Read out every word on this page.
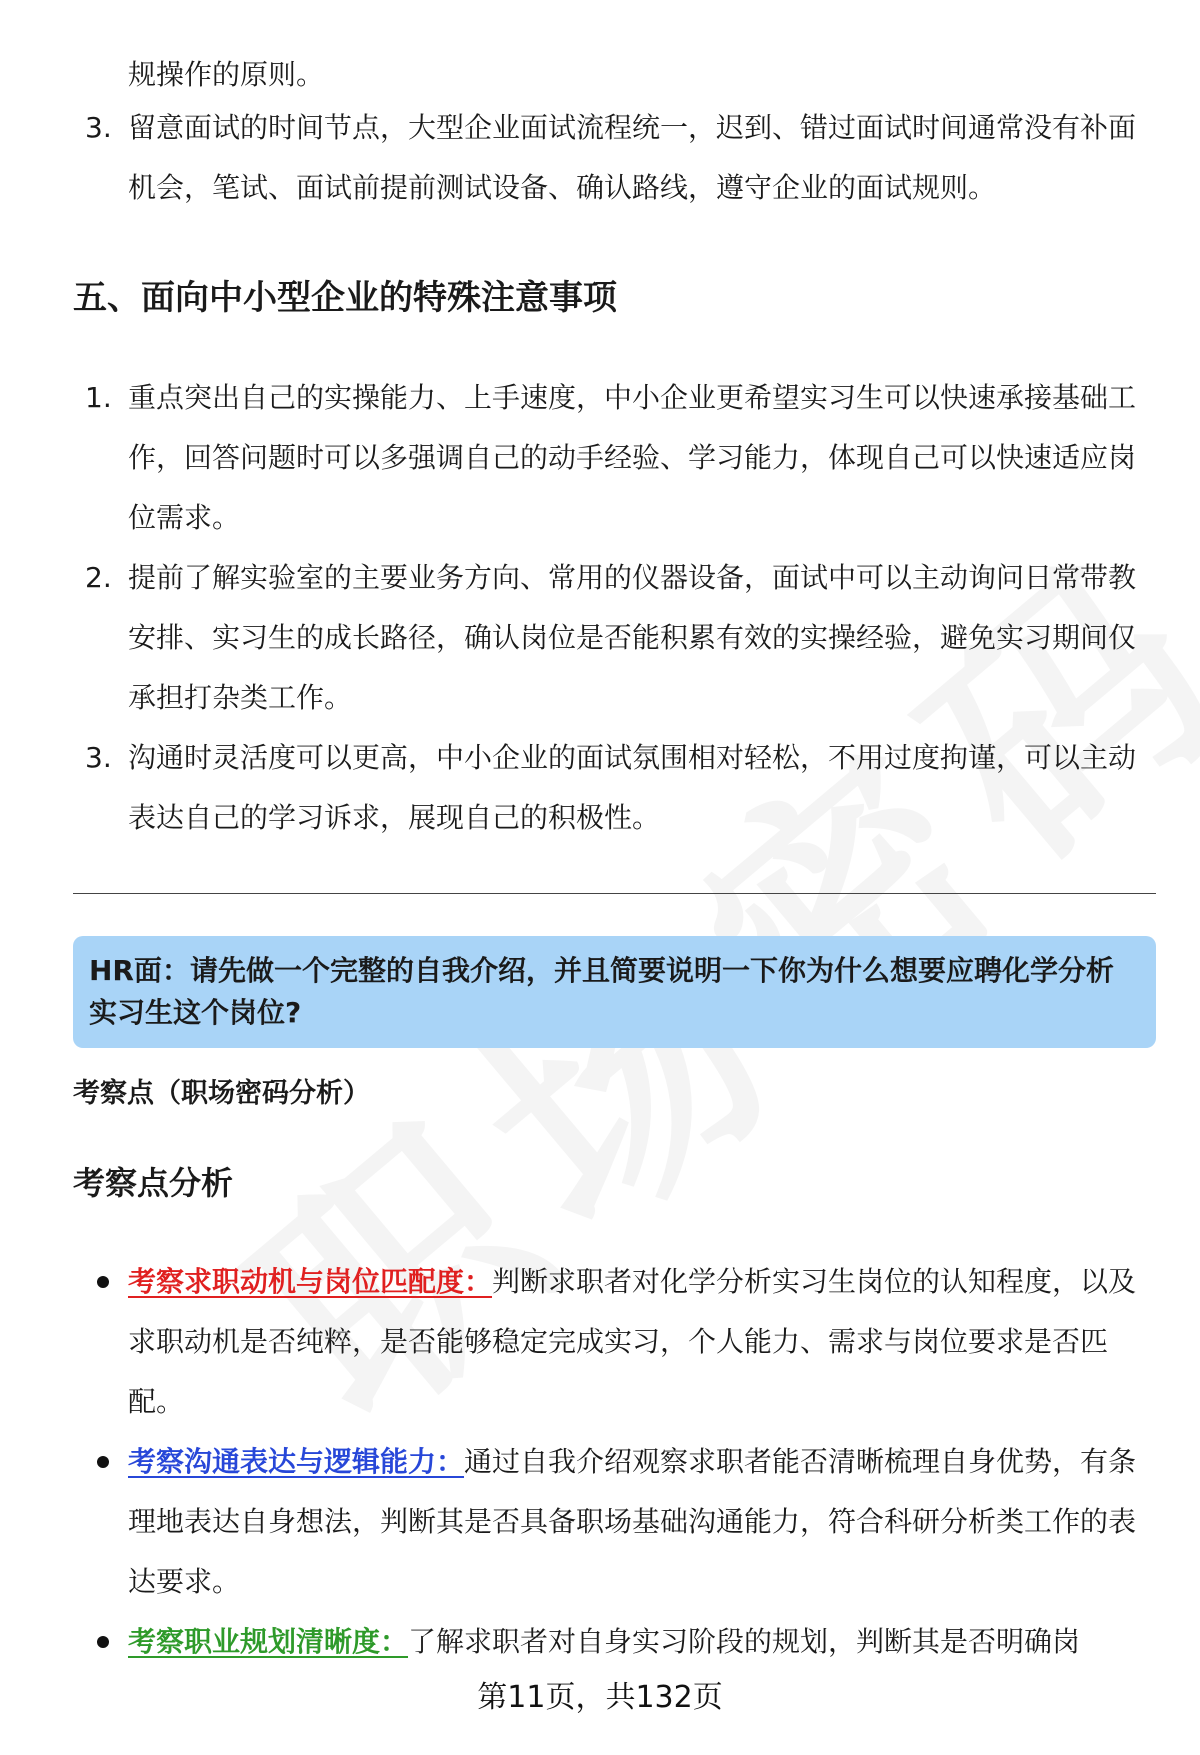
规操作的原则。
3. 留意面试的时间节点，大型企业面试流程统一，迟到、错过面试时间通常没有补面机会，笔试、面试前提前测试设备、确认路线，遵守企业的面试规则。
五、面向中小型企业的特殊注意事项
1. 重点突出自己的实操能力、上手速度，中小企业更希望实习生可以快速承接基础工作，回答问题时可以多强调自己的动手经验、学习能力，体现自己可以快速适应岗位需求。
2. 提前了解实验室的主要业务方向、常用的仪器设备，面试中可以主动询问日常带教安排、实习生的成长路径，确认岗位是否能积累有效的实操经验，避免实习期间仅承担打杂类工作。
3. 沟通时灵活度可以更高，中小企业的面试氛围相对轻松，不用过度拘谨，可以主动表达自己的学习诉求，展现自己的积极性。
HR面：请先做一个完整的自我介绍，并且简要说明一下你为什么想要应聘化学分析实习生这个岗位?
考察点（职场密码分析）
考察点分析
考察求职动机与岗位匹配度：判断求职者对化学分析实习生岗位的认知程度，以及求职动机是否纯粹，是否能够稳定完成实习，个人能力、需求与岗位要求是否匹配。
考察沟通表达与逻辑能力：通过自我介绍观察求职者能否清晰梳理自身优势，有条理地表达自身想法，判断其是否具备职场基础沟通能力，符合科研分析类工作的表达要求。
考察职业规划清晰度：了解求职者对自身实习阶段的规划，判断其是否明确岗
第11页，共132页
